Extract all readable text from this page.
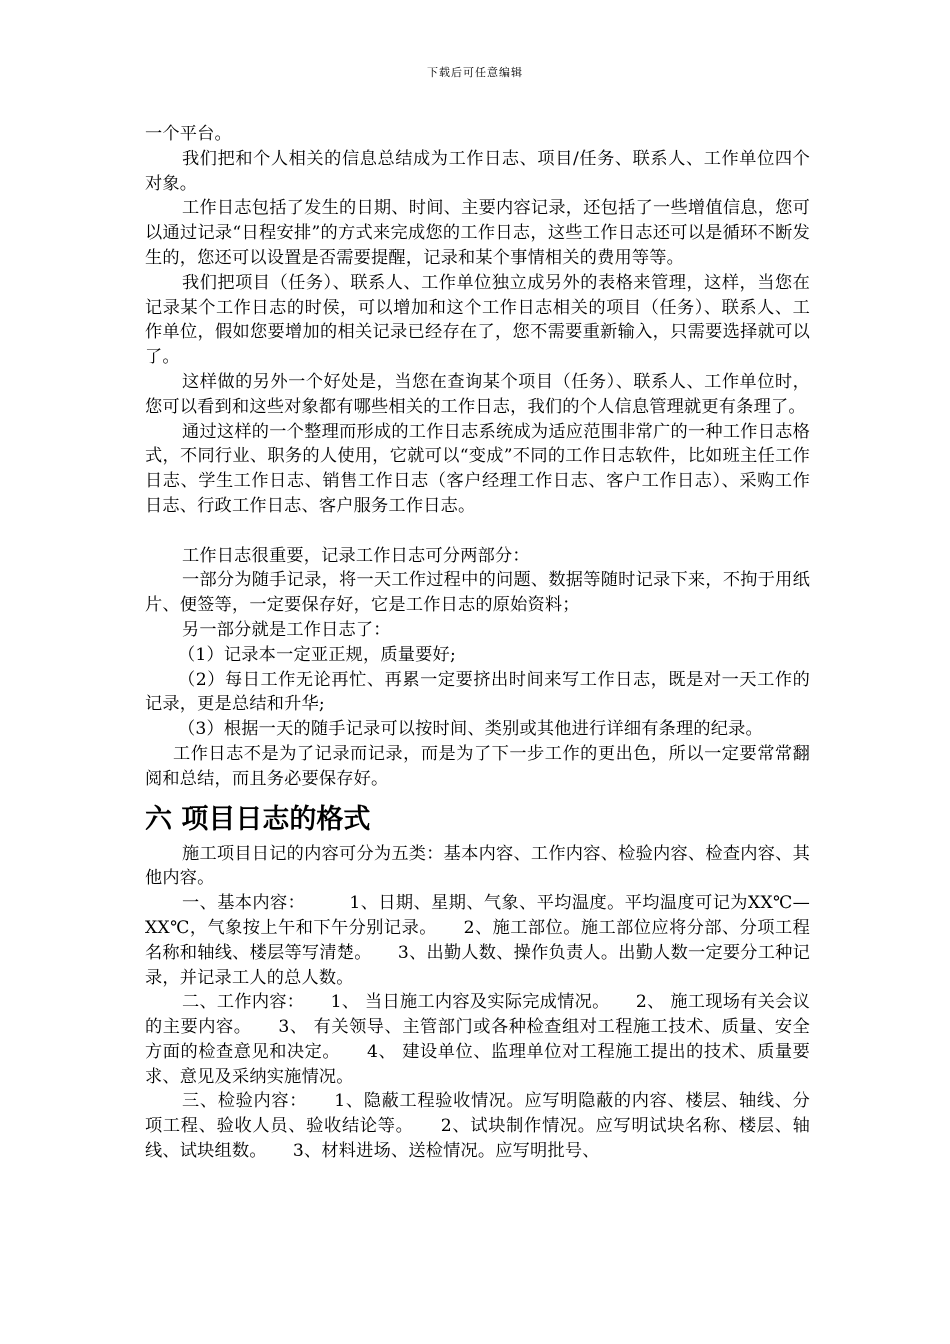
下载后可任意编辑

一个平台。

我们把和个人相关的信息总结成为工作日志、项目/任务、联系人、工作单位四个对象。

工作日志包括了发生的日期、时间、主要内容记录，还包括了一些增值信息，您可以通过记录“日程安排”的方式来完成您的工作日志，这些工作日志还可以是循环不断发生的，您还可以设置是否需要提醒，记录和某个事情相关的费用等等。

我们把项目（任务）、联系人、工作单位独立成另外的表格来管理，这样，当您在记录某个工作日志的时侯，可以增加和这个工作日志相关的项目（任务）、联系人、工作单位，假如您要增加的相关记录已经存在了，您不需要重新输入，只需要选择就可以了。

这样做的另外一个好处是，当您在查询某个项目（任务）、联系人、工作单位时，您可以看到和这些对象都有哪些相关的工作日志，我们的个人信息管理就更有条理了。

通过这样的一个整理而形成的工作日志系统成为适应范围非常广的一种工作日志格式，不同行业、职务的人使用，它就可以“变成”不同的工作日志软件，比如班主任工作日志、学生工作日志、销售工作日志（客户经理工作日志、客户工作日志）、采购工作日志、行政工作日志、客户服务工作日志。

工作日志很重要，记录工作日志可分两部分：

一部分为随手记录，将一天工作过程中的问题、数据等随时记录下来，不拘于用纸片、便签等，一定要保存好，它是工作日志的原始资料；

另一部分就是工作日志了：

（1）记录本一定亚正规，质量要好;

（2）每日工作无论再忙、再累一定要挤出时间来写工作日志，既是对一天工作的记录，更是总结和升华;

（3）根据一天的随手记录可以按时间、类别或其他进行详细有条理的纪录。

工作日志不是为了记录而记录，而是为了下一步工作的更出色，所以一定要常常翻阅和总结，而且务必要保存好。

六 项目日志的格式

施工项目日记的内容可分为五类：基本内容、工作内容、检验内容、检查内容、其他内容。

一、基本内容：　　　1、日期、星期、气象、平均温度。平均温度可记为XX℃—XX℃，气象按上午和下午分别记录。　　2、施工部位。施工部位应将分部、分项工程名称和轴线、楼层等写清楚。　　3、出勤人数、操作负责人。出勤人数一定要分工种记录，并记录工人的总人数。

二、工作内容：　　1、 当日施工内容及实际完成情况。　　2、 施工现场有关会议的主要内容。　　3、 有关领导、主管部门或各种检查组对工程施工技术、质量、安全方面的检查意见和决定。　　4、 建设单位、监理单位对工程施工提出的技术、质量要求、意见及采纳实施情况。

三、检验内容：　　1、隐蔽工程验收情况。应写明隐蔽的内容、楼层、轴线、分项工程、验收人员、验收结论等。　　2、试块制作情况。应写明试块名称、楼层、轴线、试块组数。　　3、材料进场、送检情况。应写明批号、
